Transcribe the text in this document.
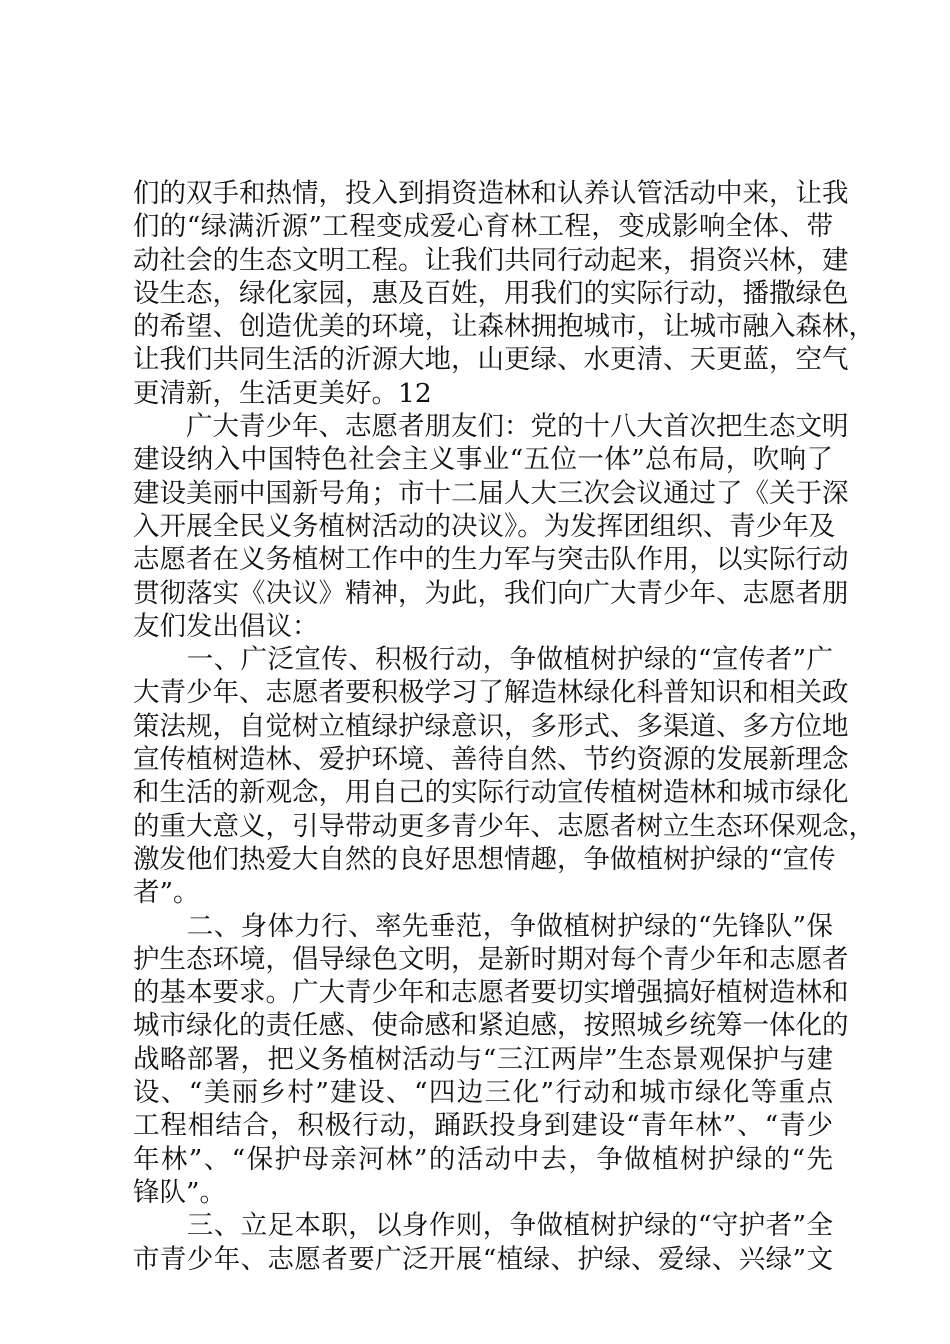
们的双手和热情，投入到捐资造林和认养认管活动中来，让我
们的“绿满沂源”工程变成爱心育林工程，变成影响全体、带
动社会的生态文明工程。让我们共同行动起来，捐资兴林，建
设生态，绿化家园，惠及百姓，用我们的实际行动，播撒绿色
的希望、创造优美的环境，让森林拥抱城市，让城市融入森林，
让我们共同生活的沂源大地，山更绿、水更清、天更蓝，空气
更清新，生活更美好。12
　　广大青少年、志愿者朋友们：党的十八大首次把生态文明
建设纳入中国特色社会主义事业“五位一体”总布局，吹响了
建设美丽中国新号角；市十二届人大三次会议通过了《关于深
入开展全民义务植树活动的决议》。为发挥团组织、青少年及
志愿者在义务植树工作中的生力军与突击队作用，以实际行动
贯彻落实《决议》精神，为此，我们向广大青少年、志愿者朋
友们发出倡议：
　　一、广泛宣传、积极行动，争做植树护绿的“宣传者”广
大青少年、志愿者要积极学习了解造林绿化科普知识和相关政
策法规，自觉树立植绿护绿意识，多形式、多渠道、多方位地
宣传植树造林、爱护环境、善待自然、节约资源的发展新理念
和生活的新观念，用自己的实际行动宣传植树造林和城市绿化
的重大意义，引导带动更多青少年、志愿者树立生态环保观念，
激发他们热爱大自然的良好思想情趣，争做植树护绿的“宣传
者”。
　　二、身体力行、率先垂范，争做植树护绿的“先锋队”保
护生态环境，倡导绿色文明，是新时期对每个青少年和志愿者
的基本要求。广大青少年和志愿者要切实增强搞好植树造林和
城市绿化的责任感、使命感和紧迫感，按照城乡统筹一体化的
战略部署，把义务植树活动与“三江两岸”生态景观保护与建
设、“美丽乡村”建设、“四边三化”行动和城市绿化等重点
工程相结合，积极行动，踊跃投身到建设“青年林”、“青少
年林”、“保护母亲河林”的活动中去，争做植树护绿的“先
锋队”。
　　三、立足本职，以身作则，争做植树护绿的“守护者”全
市青少年、志愿者要广泛开展“植绿、护绿、爱绿、兴绿”文
